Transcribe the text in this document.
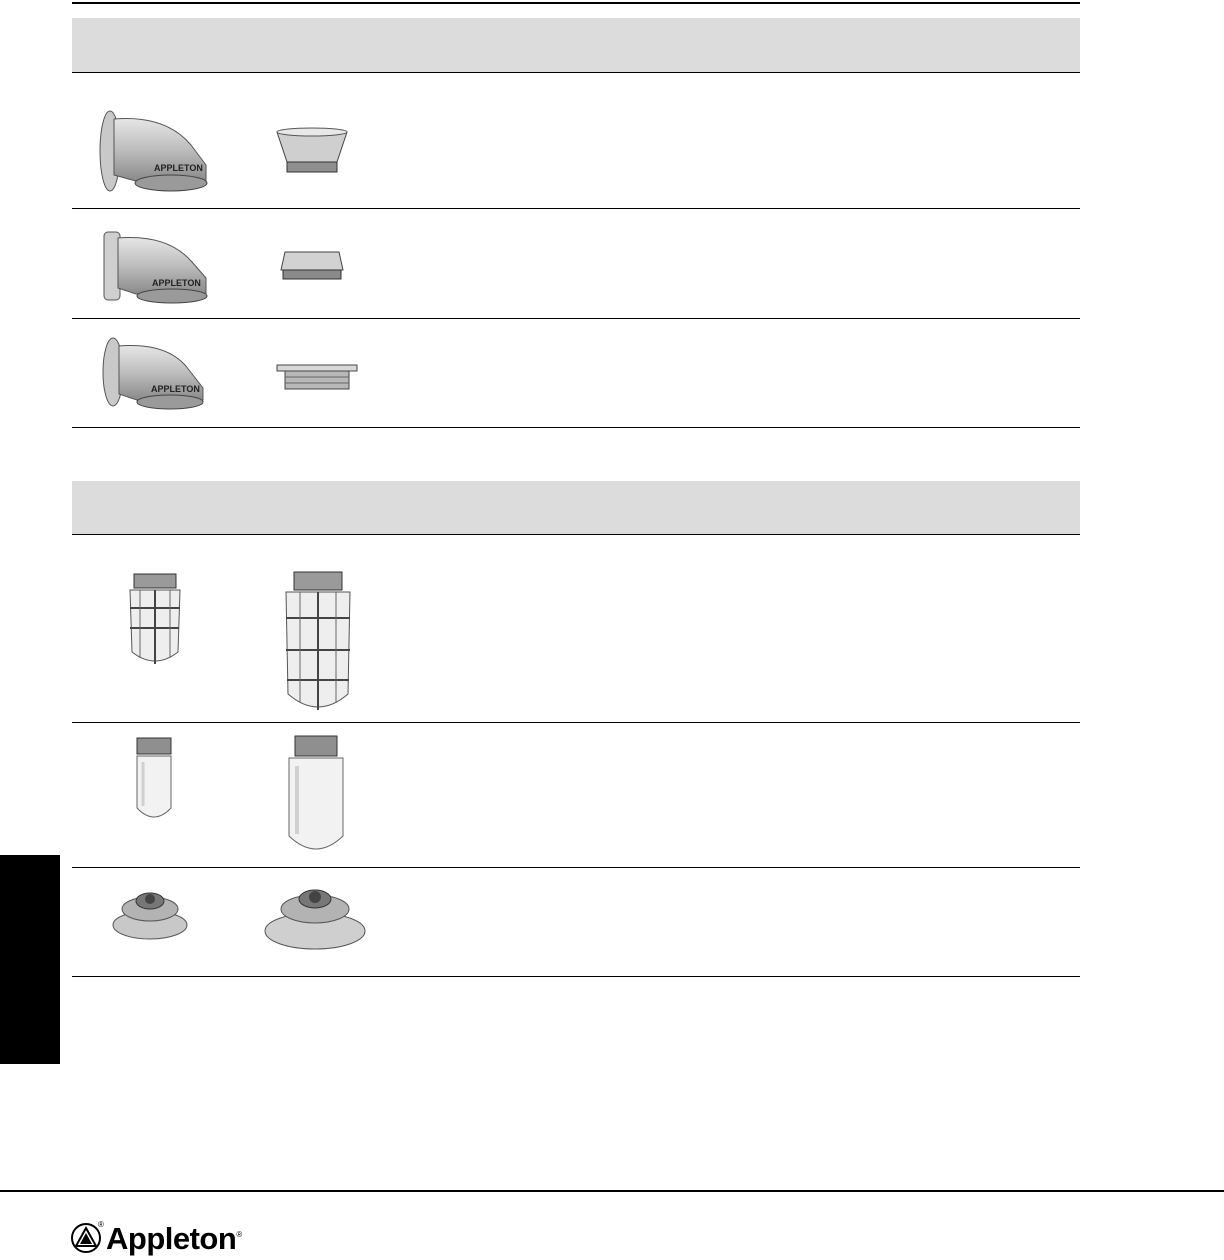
APPLETON
APPLETON
APPLETON
® Appleton ®
